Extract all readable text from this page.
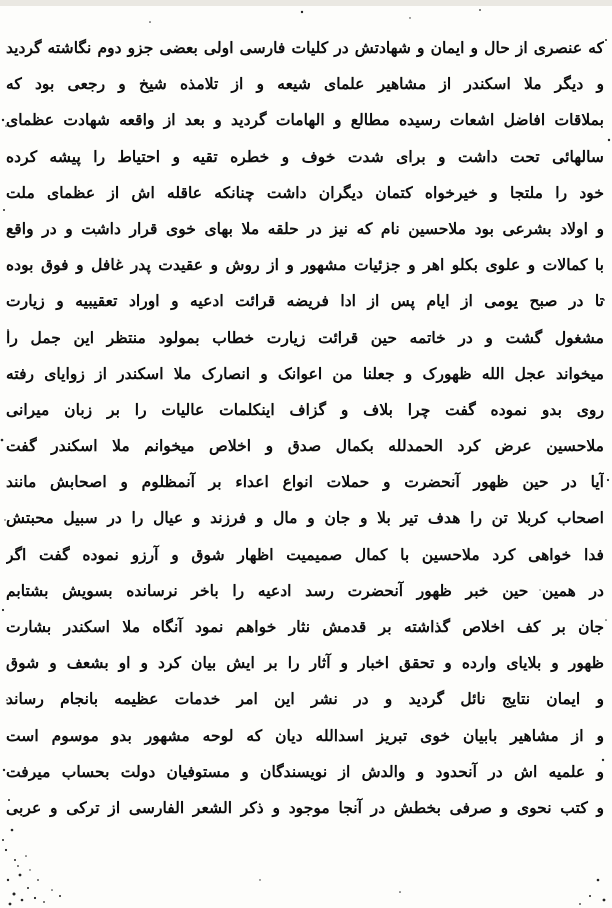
که عنصری از حال و ایمان و شهادتش در کلیات فارسی اولی بعضی جزو دوم نگاشته گردید
و دیگر ملا اسکندر از مشاهیر علمای شیعه و از تلامذه شیخ و رجعی بود که
بملاقات افاضل اشعات رسیده مطالع و الهامات گردید و بعد از واقعه شهادت عظمای
سالهائی تحت داشت و برای شدت خوف و خطره تقیه و احتیاط را پیشه کرده
خود را ملتجا و خیرخواه کتمان دیگران داشت چنانکه عاقله اش از عظمای ملت
و اولاد بشرعی بود ملاحسین نام که نیز در حلقه ملا بهای خوی قرار داشت و در واقع
با کمالات و علوی بکلو اهر و جزئیات مشهور و از روش و عقیدت پدر غافل و فوق بوده
تا در صبح یومی از ایام پس از ادا فریضه قرائت ادعیه و اوراد تعقیبیه و زیارت
مشغول گشت و در خاتمه حین قرائت زیارت خطاب بمولود منتظر این جمل را
میخواند عجل الله ظهورک و جعلنا من اعوانک و انصارک ملا اسکندر از زوایای رفته
روی بدو نموده گفت چرا بلاف و گزاف اینکلمات عالیات را بر زبان میرانی
ملاحسین عرض کرد الحمدلله بکمال صدق و اخلاص میخوانم ملا اسکندر گفت
آیا در حین ظهور آنحضرت و حملات انواع اعداء بر آنمظلوم و اصحابش مانند
اصحاب کربلا تن را هدف تیر بلا و جان و مال و فرزند و عیال را در سبیل محبتش
فدا خواهی کرد ملاحسین با کمال صمیمیت اظهار شوق و آرزو نموده گفت اگر
در همین حین خبر ظهور آنحضرت رسد ادعیه را باخر نرسانده بسویش بشتابم
جان بر کف اخلاص گذاشته بر قدمش نثار خواهم نمود آنگاه ملا اسکندر بشارت
ظهور و بلایای وارده و تحقق اخبار و آثار را بر ایش بیان کرد و او بشعف و شوق
و ایمان نتایج نائل گردید و در نشر این امر خدمات عظیمه بانجام رساند
و از مشاهیر بابیان خوی تبریز اسدالله دیان که لوحه مشهور بدو موسوم است
و علمیه اش در آنحدود و والدش از نویسندگان و مستوفیان دولت بحساب میرفت
و کتب نحوی و صرفی بخطش در آنجا موجود و ذکر الشعر الفارسی از ترکی و عربی
